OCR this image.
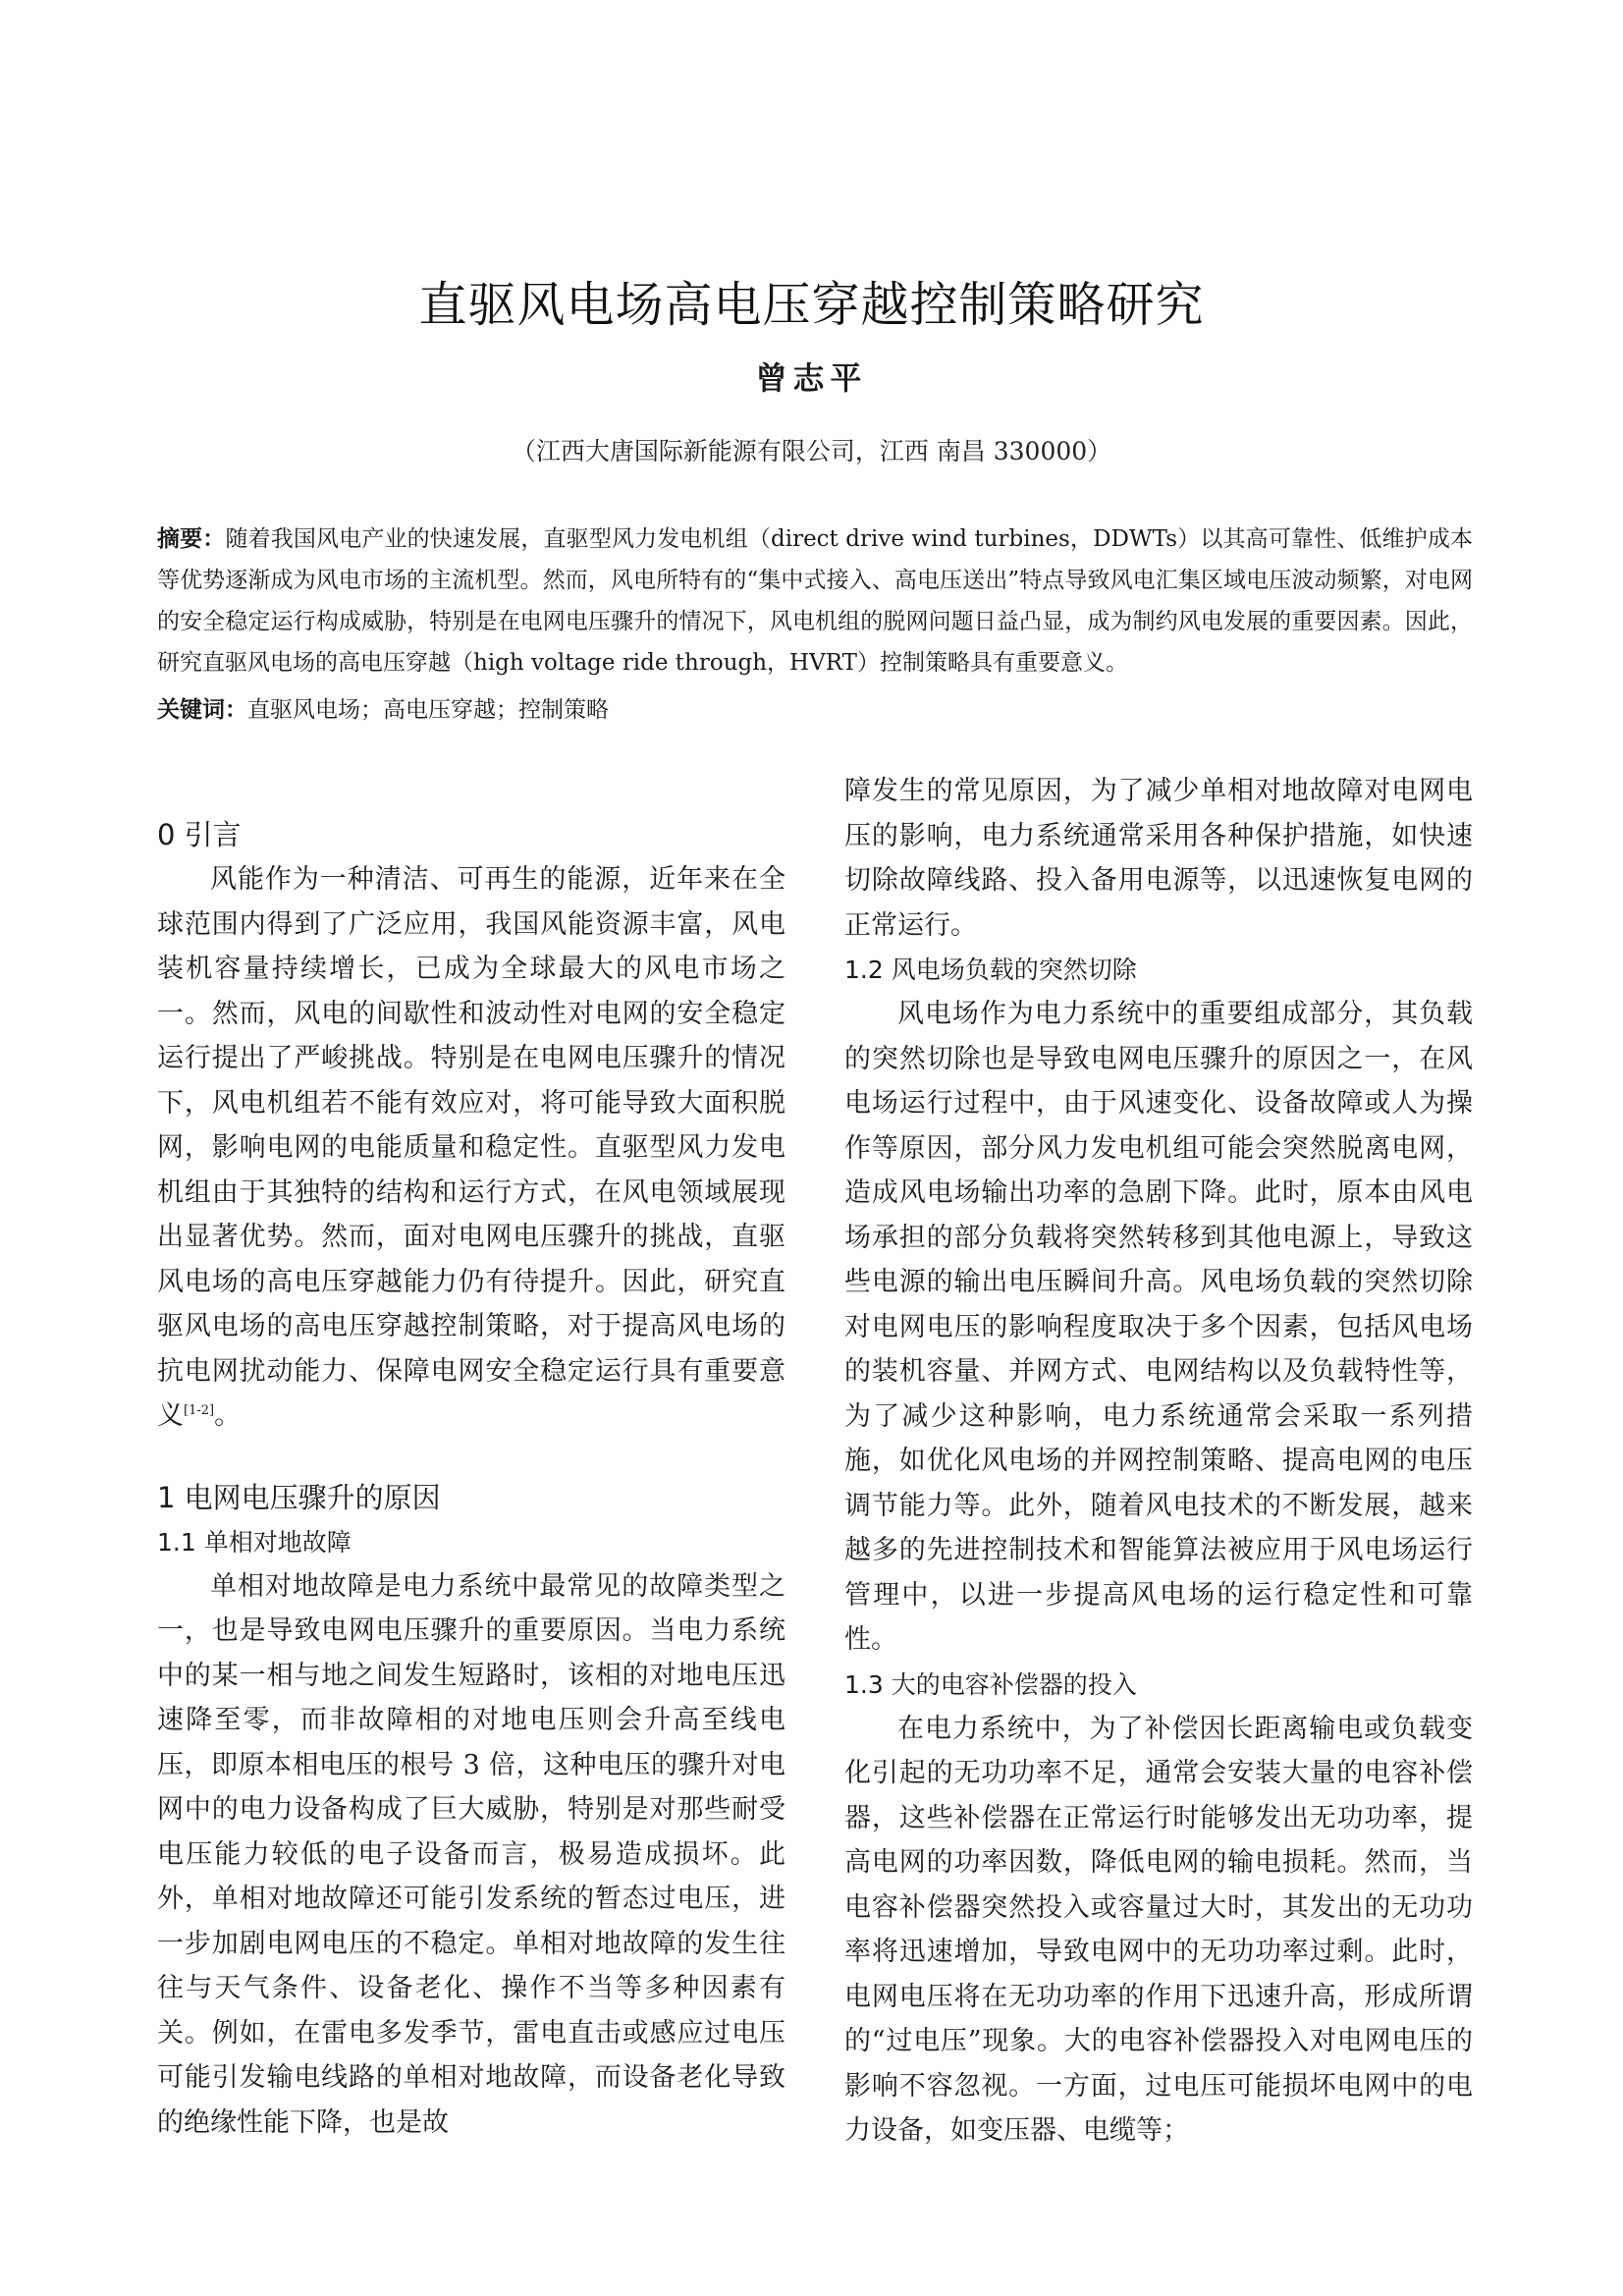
直驱风电场高电压穿越控制策略研究
曾志平
（江西大唐国际新能源有限公司，江西 南昌 330000）
摘要：随着我国风电产业的快速发展，直驱型风力发电机组（direct drive wind turbines，DDWTs）以其高可靠性、低维护成本等优势逐渐成为风电市场的主流机型。然而，风电所特有的“集中式接入、高电压送出”特点导致风电汇集区域电压波动频繁，对电网的安全稳定运行构成威胁，特别是在电网电压骤升的情况下，风电机组的脱网问题日益凸显，成为制约风电发展的重要因素。因此，研究直驱风电场的高电压穿越（high voltage ride through，HVRT）控制策略具有重要意义。
关键词：直驱风电场；高电压穿越；控制策略
0 引言

风能作为一种清洁、可再生的能源，近年来在全球范围内得到了广泛应用，我国风能资源丰富，风电装机容量持续增长，已成为全球最大的风电市场之一。然而，风电的间歇性和波动性对电网的安全稳定运行提出了严峻挑战。特别是在电网电压骤升的情况下，风电机组若不能有效应对，将可能导致大面积脱网，影响电网的电能质量和稳定性。直驱型风力发电机组由于其独特的结构和运行方式，在风电领域展现出显著优势。然而，面对电网电压骤升的挑战，直驱风电场的高电压穿越能力仍有待提升。因此，研究直驱风电场的高电压穿越控制策略，对于提高风电场的抗电网扰动能力、保障电网安全稳定运行具有重要意义[1-2]。

1 电网电压骤升的原因
1.1 单相对地故障

单相对地故障是电力系统中最常见的故障类型之一，也是导致电网电压骤升的重要原因。当电力系统中的某一相与地之间发生短路时，该相的对地电压迅速降至零，而非故障相的对地电压则会升高至线电压，即原本相电压的根号 3 倍，这种电压的骤升对电网中的电力设备构成了巨大威胁，特别是对那些耐受电压能力较低的电子设备而言，极易造成损坏。此外，单相对地故障还可能引发系统的暂态过电压，进一步加剧电网电压的不稳定。单相对地故障的发生往往与天气条件、设备老化、操作不当等多种因素有关。例如，在雷电多发季节，雷电直击或感应过电压可能引发输电线路的单相对地故障，而设备老化导致的绝缘性能下降，也是故

障发生的常见原因，为了减少单相对地故障对电网电压的影响，电力系统通常采用各种保护措施，如快速切除故障线路、投入备用电源等，以迅速恢复电网的正常运行。

1.2 风电场负载的突然切除

风电场作为电力系统中的重要组成部分，其负载的突然切除也是导致电网电压骤升的原因之一，在风电场运行过程中，由于风速变化、设备故障或人为操作等原因，部分风力发电机组可能会突然脱离电网，造成风电场输出功率的急剧下降。此时，原本由风电场承担的部分负载将突然转移到其他电源上，导致这些电源的输出电压瞬间升高。风电场负载的突然切除对电网电压的影响程度取决于多个因素，包括风电场的装机容量、并网方式、电网结构以及负载特性等，为了减少这种影响，电力系统通常会采取一系列措施，如优化风电场的并网控制策略、提高电网的电压调节能力等。此外，随着风电技术的不断发展，越来越多的先进控制技术和智能算法被应用于风电场运行管理中，以进一步提高风电场的运行稳定性和可靠性。

1.3 大的电容补偿器的投入

在电力系统中，为了补偿因长距离输电或负载变化引起的无功功率不足，通常会安装大量的电容补偿器，这些补偿器在正常运行时能够发出无功功率，提高电网的功率因数，降低电网的输电损耗。然而，当电容补偿器突然投入或容量过大时，其发出的无功功率将迅速增加，导致电网中的无功功率过剩。此时，电网电压将在无功功率的作用下迅速升高，形成所谓的“过电压”现象。大的电容补偿器投入对电网电压的影响不容忽视。一方面，过电压可能损坏电网中的电力设备，如变压器、电缆等；
